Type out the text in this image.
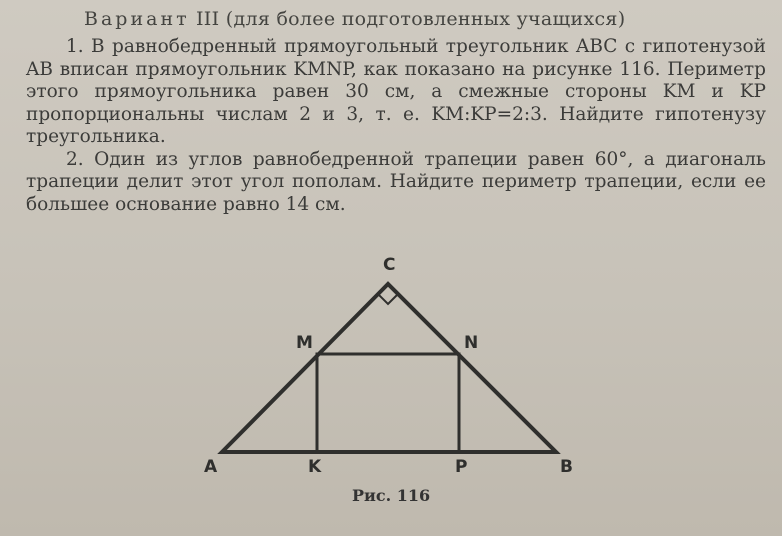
Вариант III (для более подготовленных учащихся)

1. В равнобедренный прямоугольный треугольник ABC с гипотенузой AB вписан прямоугольник KMNP, как показано на рисунке 116. Периметр этого прямоугольника равен 30 см, а смежные стороны KM и KP пропорциональны числам 2 и 3, т. е. KM:KP=2:3. Найдите гипотенузу треугольника.

2. Один из углов равнобедренной трапеции равен 60°, а диагональ трапеции делит этот угол пополам. Найдите периметр трапеции, если ее большее основание равно 14 см.

C
M	N
A	K	P	B
Рис. 116
